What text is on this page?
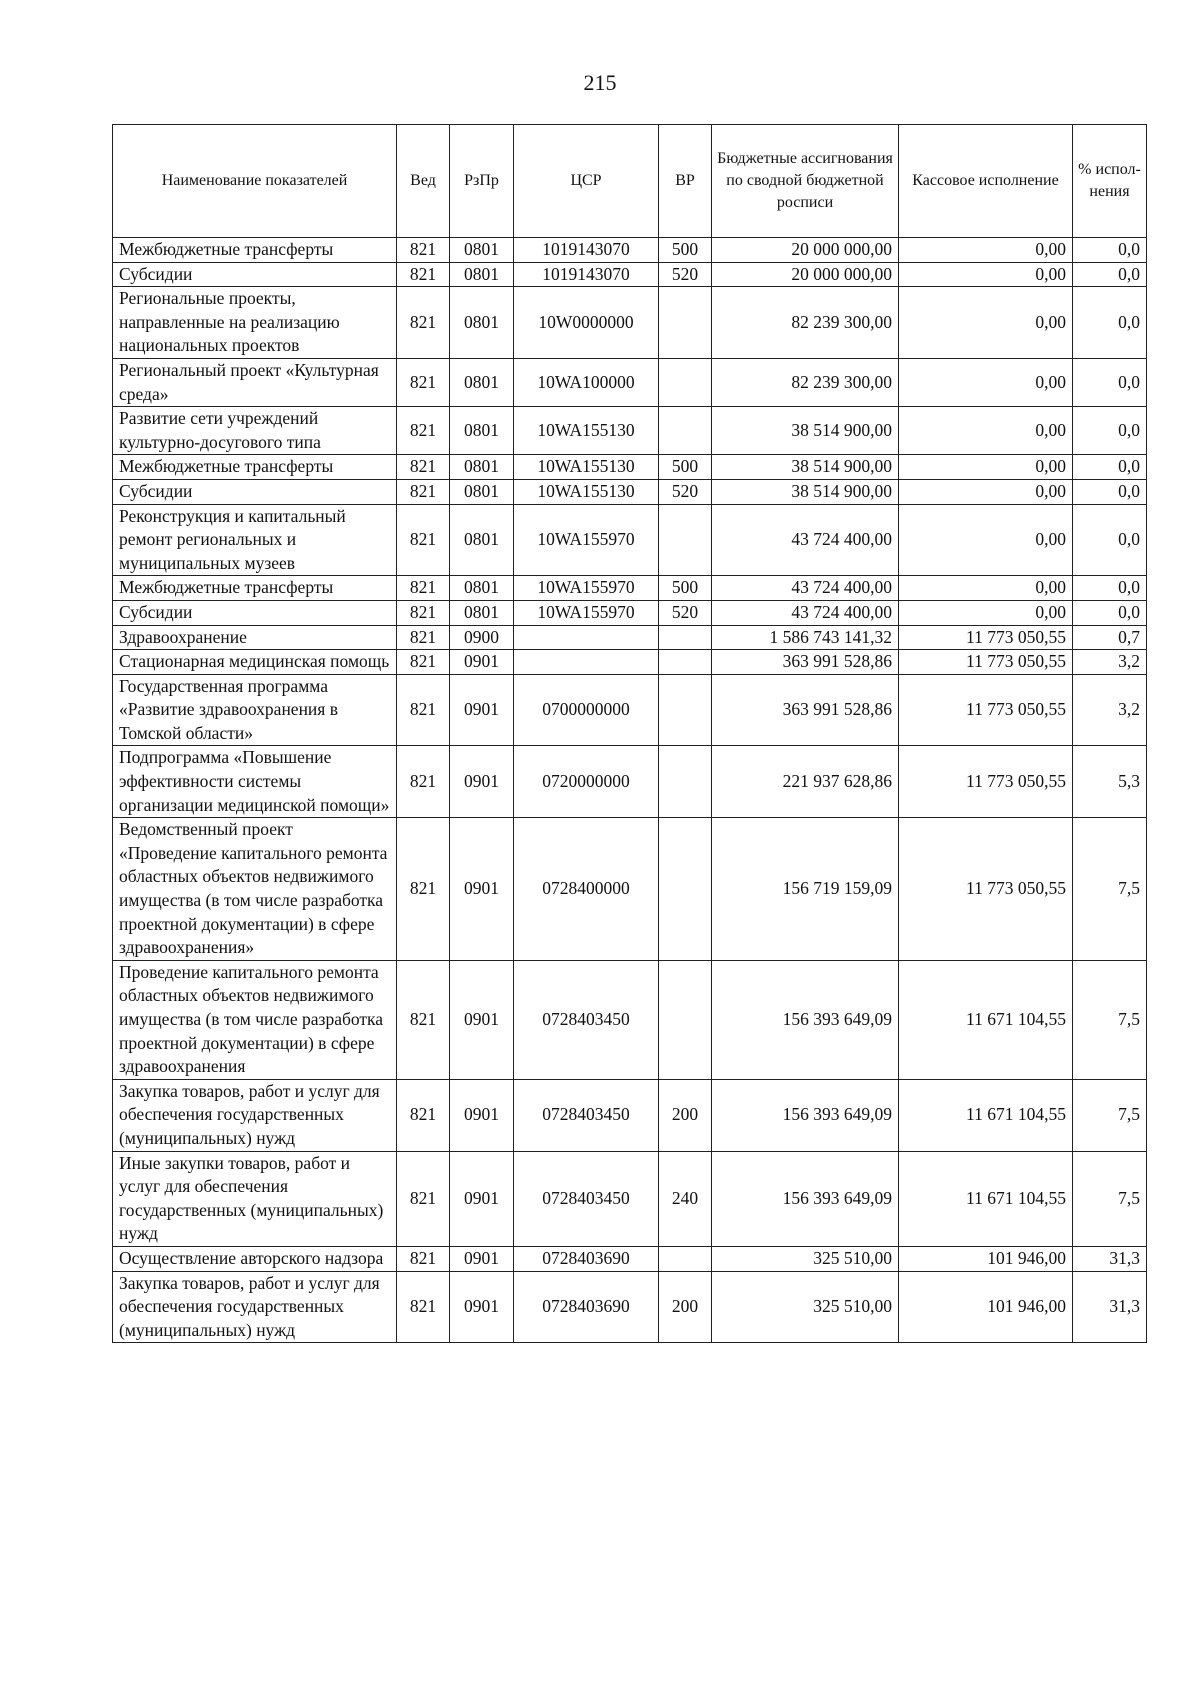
215
Наименование показателей	Вед	РзПр	ЦСР	ВР	Бюджетные ассигнования по сводной бюджетной росписи	Кассовое исполнение	% испол-нения
Межбюджетные трансферты	821	0801	1019143070	500	20 000 000,00	0,00	0,0
Субсидии	821	0801	1019143070	520	20 000 000,00	0,00	0,0
Региональные проекты, направленные на реализацию национальных проектов	821	0801	10W0000000		82 239 300,00	0,00	0,0
Региональный проект «Культурная среда»	821	0801	10WA100000		82 239 300,00	0,00	0,0
Развитие сети учреждений культурно-досугового типа	821	0801	10WA155130		38 514 900,00	0,00	0,0
Межбюджетные трансферты	821	0801	10WA155130	500	38 514 900,00	0,00	0,0
Субсидии	821	0801	10WA155130	520	38 514 900,00	0,00	0,0
Реконструкция и капитальный ремонт региональных и муниципальных музеев	821	0801	10WA155970		43 724 400,00	0,00	0,0
Межбюджетные трансферты	821	0801	10WA155970	500	43 724 400,00	0,00	0,0
Субсидии	821	0801	10WA155970	520	43 724 400,00	0,00	0,0
Здравоохранение	821	0900			1 586 743 141,32	11 773 050,55	0,7
Стационарная медицинская помощь	821	0901			363 991 528,86	11 773 050,55	3,2
Государственная программа «Развитие здравоохранения в Томской области»	821	0901	0700000000		363 991 528,86	11 773 050,55	3,2
Подпрограмма «Повышение эффективности системы организации медицинской помощи»	821	0901	0720000000		221 937 628,86	11 773 050,55	5,3
Ведомственный проект «Проведение капитального ремонта областных объектов недвижимого имущества (в том числе разработка проектной документации) в сфере здравоохранения»	821	0901	0728400000		156 719 159,09	11 773 050,55	7,5
Проведение капитального ремонта областных объектов недвижимого имущества (в том числе разработка проектной документации) в сфере здравоохранения	821	0901	0728403450		156 393 649,09	11 671 104,55	7,5
Закупка товаров, работ и услуг для обеспечения государственных (муниципальных) нужд	821	0901	0728403450	200	156 393 649,09	11 671 104,55	7,5
Иные закупки товаров, работ и услуг для обеспечения государственных (муниципальных) нужд	821	0901	0728403450	240	156 393 649,09	11 671 104,55	7,5
Осуществление авторского надзора	821	0901	0728403690		325 510,00	101 946,00	31,3
Закупка товаров, работ и услуг для обеспечения государственных (муниципальных) нужд	821	0901	0728403690	200	325 510,00	101 946,00	31,3
